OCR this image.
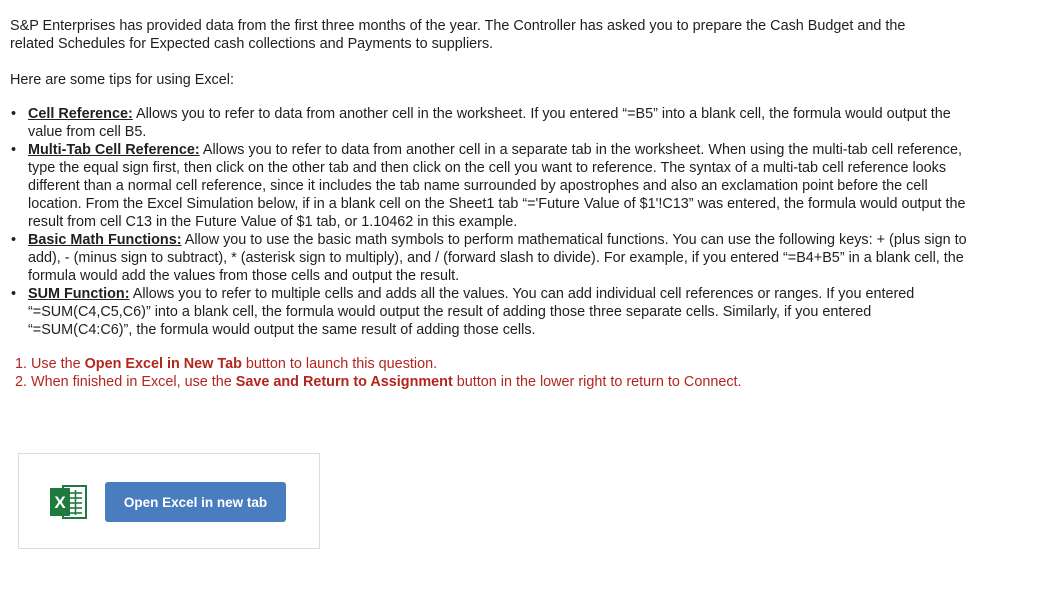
S&P Enterprises has provided data from the first three months of the year. The Controller has asked you to prepare the Cash Budget and the related Schedules for Expected cash collections and Payments to suppliers.

Here are some tips for using Excel:

• Cell Reference: Allows you to refer to data from another cell in the worksheet. If you entered “=B5” into a blank cell, the formula would output the value from cell B5.
• Multi-Tab Cell Reference: Allows you to refer to data from another cell in a separate tab in the worksheet. When using the multi-tab cell reference, type the equal sign first, then click on the other tab and then click on the cell you want to reference. The syntax of a multi-tab cell reference looks different than a normal cell reference, since it includes the tab name surrounded by apostrophes and also an exclamation point before the cell location. From the Excel Simulation below, if in a blank cell on the Sheet1 tab “='Future Value of $1'!C13” was entered, the formula would output the result from cell C13 in the Future Value of $1 tab, or 1.10462 in this example.
• Basic Math Functions: Allow you to use the basic math symbols to perform mathematical functions. You can use the following keys: + (plus sign to add), - (minus sign to subtract), * (asterisk sign to multiply), and / (forward slash to divide). For example, if you entered “=B4+B5” in a blank cell, the formula would add the values from those cells and output the result.
• SUM Function: Allows you to refer to multiple cells and adds all the values. You can add individual cell references or ranges. If you entered “=SUM(C4,C5,C6)” into a blank cell, the formula would output the result of adding those three separate cells. Similarly, if you entered “=SUM(C4:C6)”, the formula would output the same result of adding those cells.
1. Use the Open Excel in New Tab button to launch this question.
2. When finished in Excel, use the Save and Return to Assignment button in the lower right to return to Connect.
X	Open Excel in new tab
